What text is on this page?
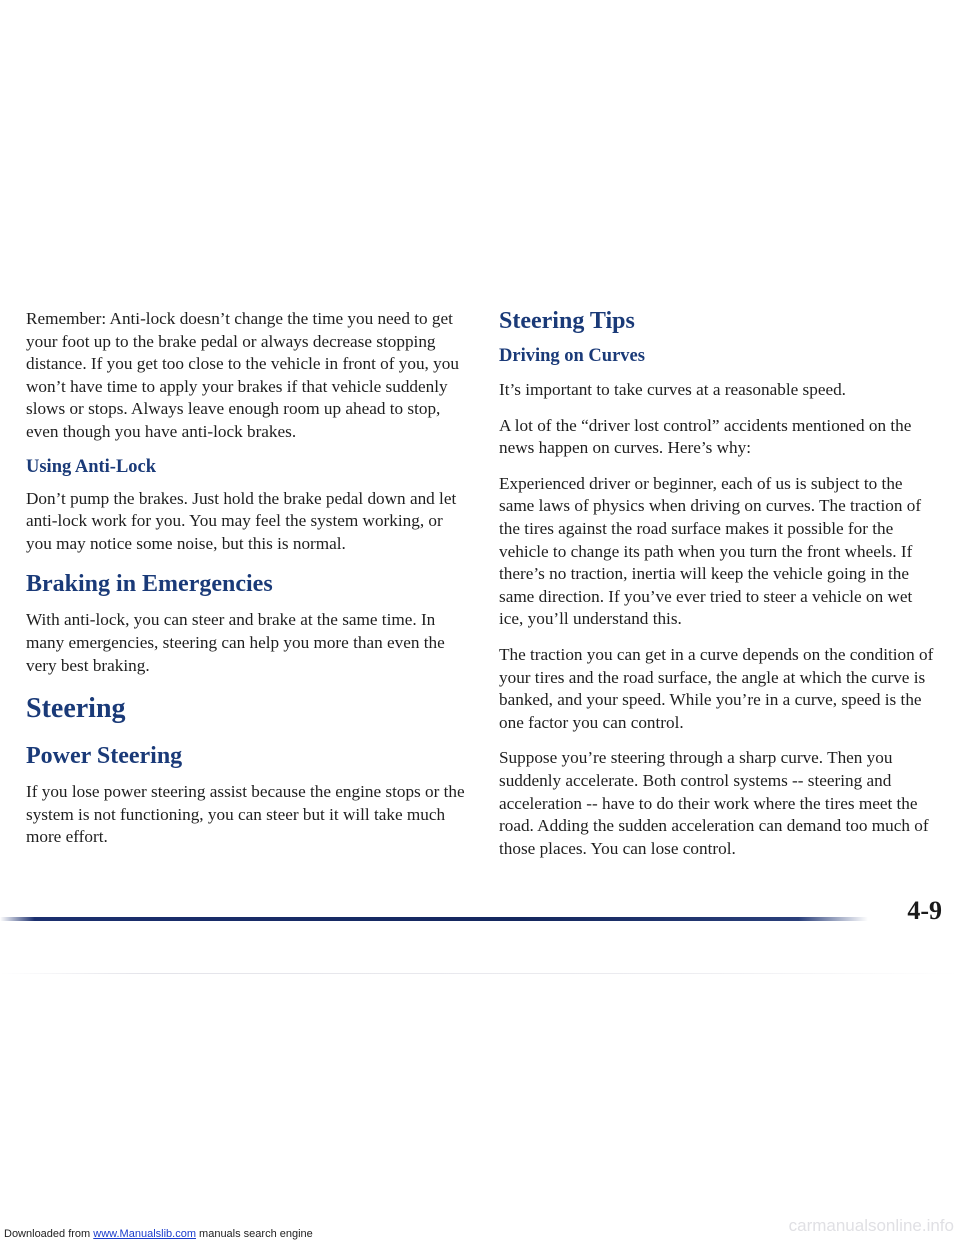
Remember: Anti-lock doesn’t change the time you need to get your foot up to the brake pedal or always decrease stopping distance. If you get too close to the vehicle in front of you, you won’t have time to apply your brakes if that vehicle suddenly slows or stops. Always leave enough room up ahead to stop, even though you have anti-lock brakes.

Using Anti-Lock

Don’t pump the brakes. Just hold the brake pedal down and let anti-lock work for you. You may feel the system working, or you may notice some noise, but this is normal.

Braking in Emergencies

With anti-lock, you can steer and brake at the same time. In many emergencies, steering can help you more than even the very best braking.

Steering
Power Steering

If you lose power steering assist because the engine stops or the system is not functioning, you can steer but it will take much more effort.

Steering Tips
Driving on Curves

It’s important to take curves at a reasonable speed.

A lot of the “driver lost control” accidents mentioned on the news happen on curves. Here’s why:

Experienced driver or beginner, each of us is subject to the same laws of physics when driving on curves. The traction of the tires against the road surface makes it possible for the vehicle to change its path when you turn the front wheels. If there’s no traction, inertia will keep the vehicle going in the same direction. If you’ve ever tried to steer a vehicle on wet ice, you’ll understand this.

The traction you can get in a curve depends on the condition of your tires and the road surface, the angle at which the curve is banked, and your speed. While you’re in a curve, speed is the one factor you can control.

Suppose you’re steering through a sharp curve. Then you suddenly accelerate. Both control systems -- steering and acceleration -- have to do their work where the tires meet the road. Adding the sudden acceleration can demand too much of those places. You can lose control.

4-9
Downloaded from www.Manualslib.com manuals search engine	carmanualsonline.info
